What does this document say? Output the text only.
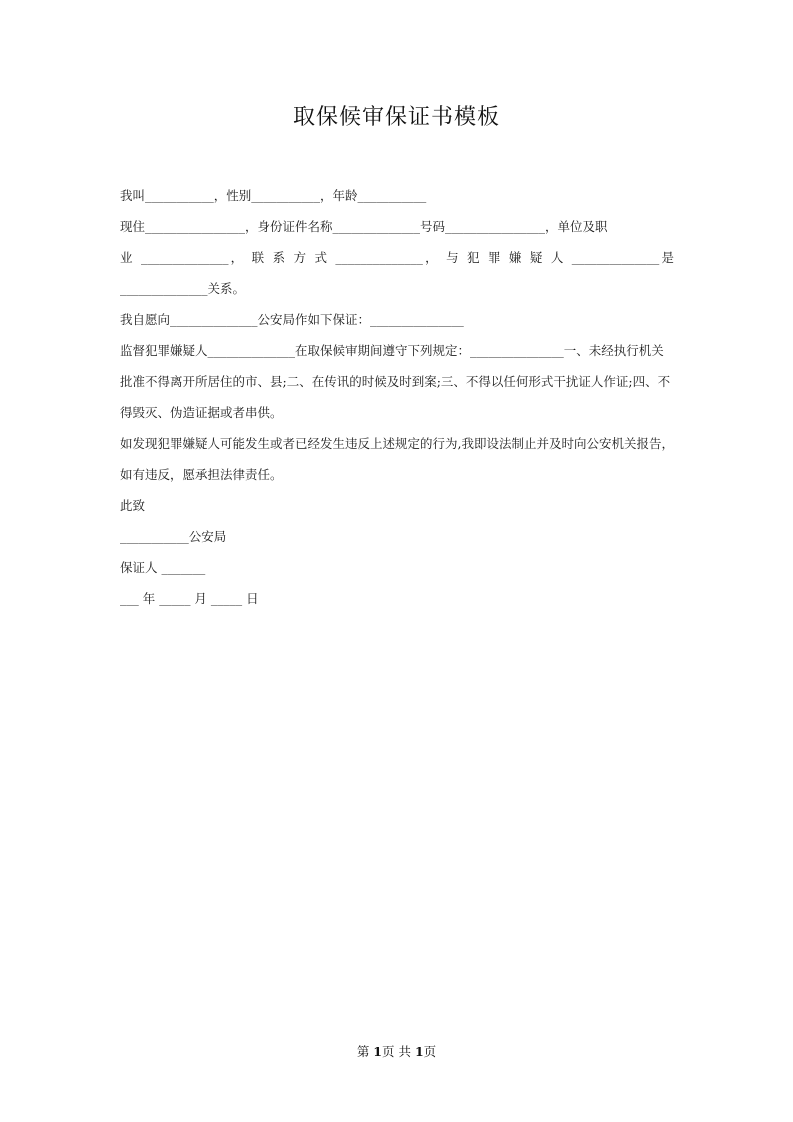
取保候审保证书模板
我叫___________，性别___________，年龄___________
现住________________，身份证件名称______________号码________________，单位及职
业 ______________， 联 系 方 式 ______________， 与 犯 罪 嫌 疑 人 ______________是
______________关系。
我自愿向______________公安局作如下保证：_______________
监督犯罪嫌疑人______________在取保候审期间遵守下列规定：_______________一、未经执行机关批准不得离开所居住的市、县;二、在传讯的时候及时到案;三、不得以任何形式干扰证人作证;四、不得毁灭、伪造证据或者串供。
如发现犯罪嫌疑人可能发生或者已经发生违反上述规定的行为,我即设法制止并及时向公安机关报告，如有违反，愿承担法律责任。
此致
___________公安局
保证人 _______
___ 年 _____ 月 _____ 日
第 1页 共 1页
